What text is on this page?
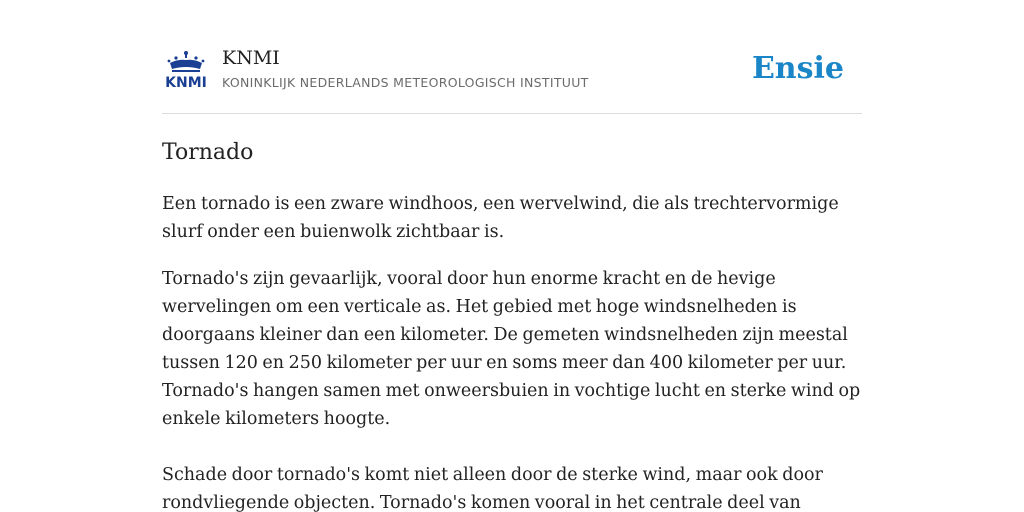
KNMI
KNMI
KONINKLIJK NEDERLANDS METEOROLOGISCH INSTITUUT	Ensie
Tornado

Een tornado is een zware windhoos, een wervelwind, die als trechtervormige slurf onder een buienwolk zichtbaar is.

Tornado's zijn gevaarlijk, vooral door hun enorme kracht en de hevige wervelingen om een verticale as. Het gebied met hoge windsnelheden is doorgaans kleiner dan een kilometer. De gemeten windsnelheden zijn meestal tussen 120 en 250 kilometer per uur en soms meer dan 400 kilometer per uur. Tornado's hangen samen met onweersbuien in vochtige lucht en sterke wind op enkele kilometers hoogte.

Schade door tornado's komt niet alleen door de sterke wind, maar ook door rondvliegende objecten. Tornado's komen vooral in het centrale deel van
